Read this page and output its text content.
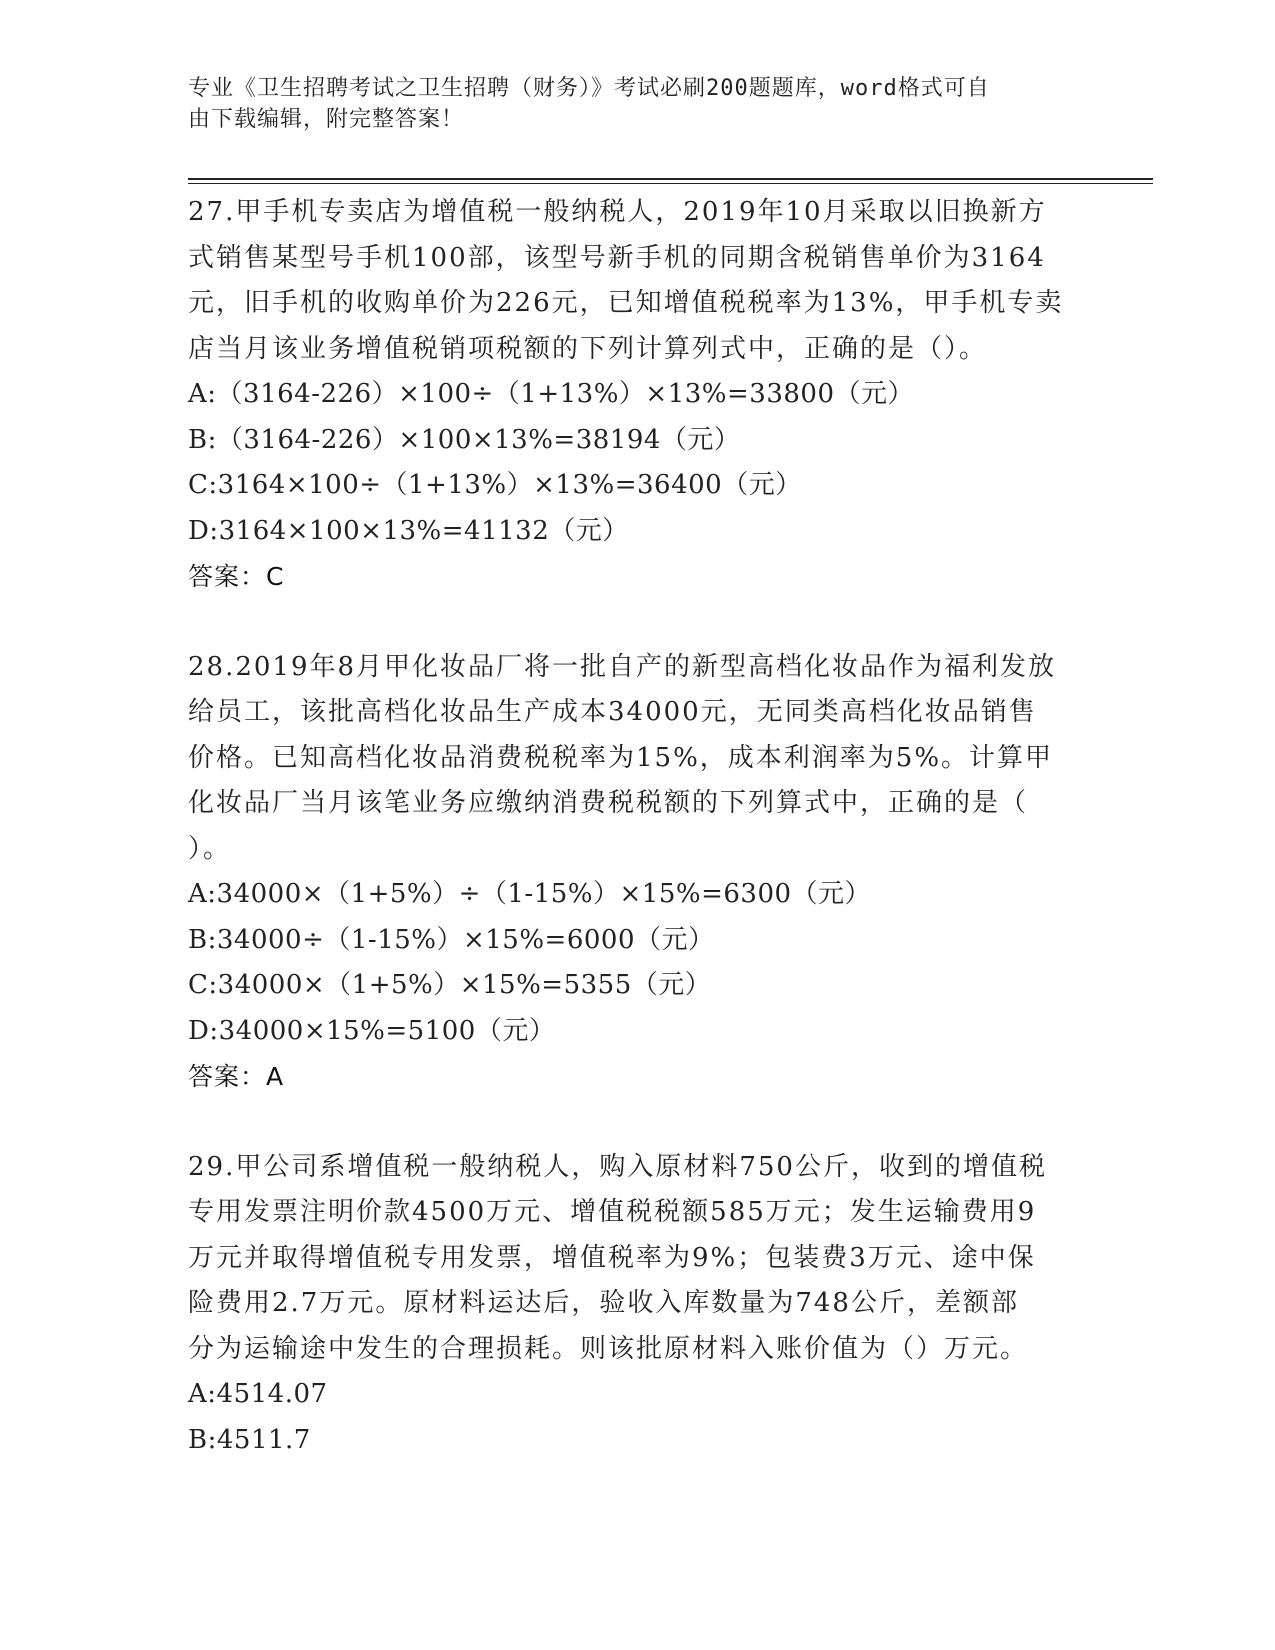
专业《卫生招聘考试之卫生招聘（财务）》考试必刷200题题库，word格式可自
由下载编辑，附完整答案！

27.甲手机专卖店为增值税一般纳税人，2019年10月采取以旧换新方
式销售某型号手机100部，该型号新手机的同期含税销售单价为3164
元，旧手机的收购单价为226元，已知增值税税率为13%，甲手机专卖
店当月该业务增值税销项税额的下列计算列式中，正确的是（）。

A:（3164-226）×100÷（1+13%）×13%=33800（元）

B:（3164-226）×100×13%=38194（元）

C:3164×100÷（1+13%）×13%=36400（元）

D:3164×100×13%=41132（元）

答案：C

28.2019年8月甲化妆品厂将一批自产的新型高档化妆品作为福利发放
给员工，该批高档化妆品生产成本34000元，无同类高档化妆品销售
价格。已知高档化妆品消费税税率为15%，成本利润率为5%。计算甲
化妆品厂当月该笔业务应缴纳消费税税额的下列算式中，正确的是（
）。

A:34000×（1+5%）÷（1-15%）×15%=6300（元）

B:34000÷（1-15%）×15%=6000（元）

C:34000×（1+5%）×15%=5355（元）

D:34000×15%=5100（元）

答案：A

29.甲公司系增值税一般纳税人，购入原材料750公斤，收到的增值税
专用发票注明价款4500万元、增值税税额585万元；发生运输费用9
万元并取得增值税专用发票，增值税率为9%；包装费3万元、途中保
险费用2.7万元。原材料运达后，验收入库数量为748公斤，差额部
分为运输途中发生的合理损耗。则该批原材料入账价值为（）万元。

A:4514.07

B:4511.7
